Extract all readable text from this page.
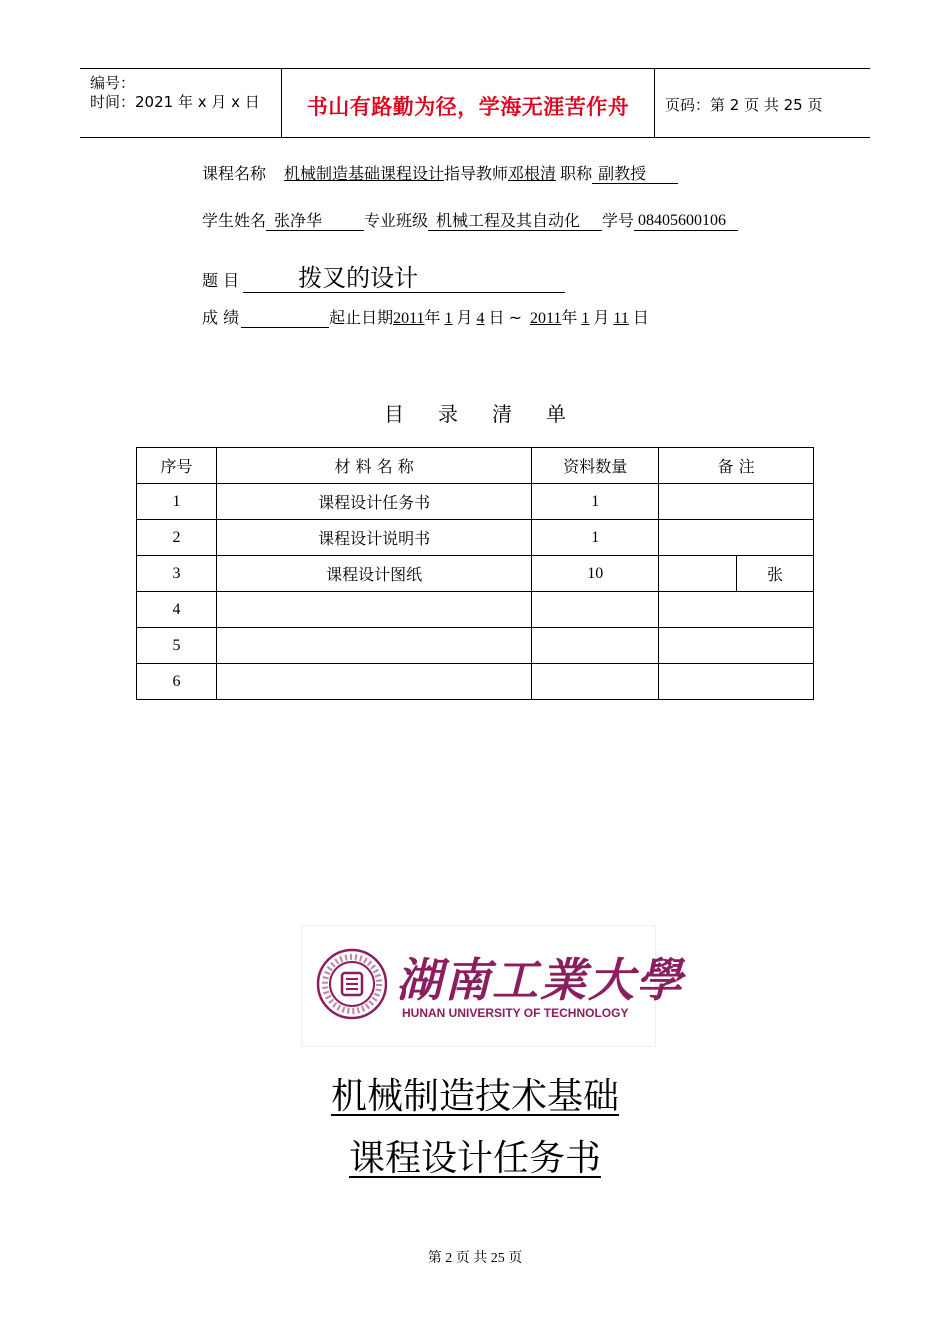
编号：
时间：2021 年 x 月 x 日	书山有路勤为径，学海无涯苦作舟	页码：第 2 页 共 25 页
课程名称 机械制造基础课程设计指导教师邓根清 职称 副教授
学生姓名 张净华	专业班级 机械工程及其自动化 学号 08405600106
题 目 拨叉的设计
成 绩	起止日期2011年 1 月 4 日 ~ 2011年 1 月 11 日
目录清单
序号	材 料 名 称	资料数量	备 注	
1	课程设计任务书	1		
2	课程设计说明书	1		
3	课程设计图纸	10		张
4				
5				
6				
湖南工業大學
HUNAN UNIVERSITY OF TECHNOLOGY
机械制造技术基础
课程设计任务书
第 2 页 共 25 页
